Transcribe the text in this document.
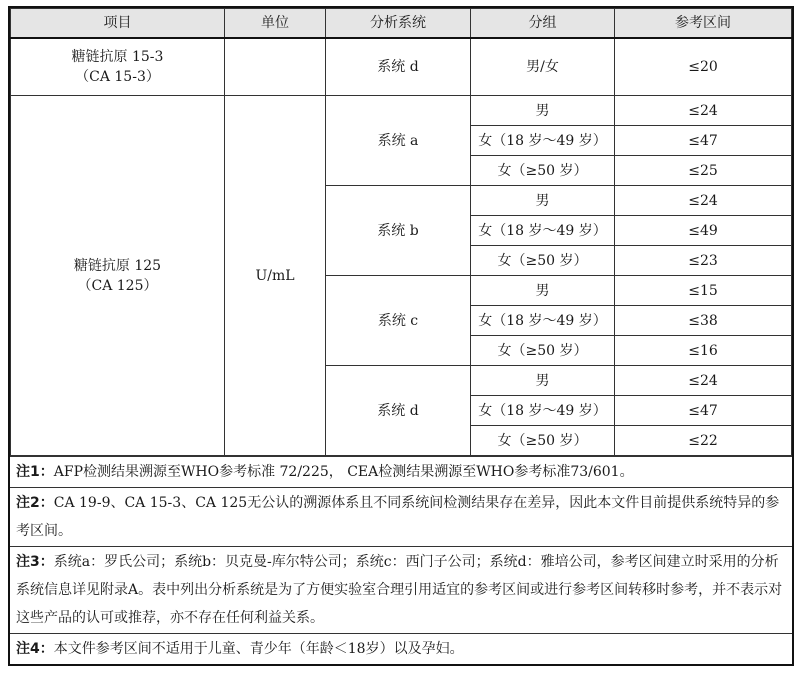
项目	单位	分析系统	分组	参考区间

糖链抗原 15-3
（CA 15-3）		系统 d	男/女	≤20

糖链抗原 125
（CA 125）	U/mL	系统 a	男	≤24
			女（18 岁～49 岁）	≤47
			女（≥50 岁）	≤25
		系统 b	男	≤24
			女（18 岁～49 岁）	≤49
			女（≥50 岁）	≤23
		系统 c	男	≤15
			女（18 岁～49 岁）	≤38
			女（≥50 岁）	≤16
		系统 d	男	≤24
			女（18 岁～49 岁）	≤47
			女（≥50 岁）	≤22
注1：AFP检测结果溯源至WHO参考标准 72/225， CEA检测结果溯源至WHO参考标准73/601。
注2：CA 19-9、CA 15-3、CA 125无公认的溯源体系且不同系统间检测结果存在差异，因此本文件目前提供系统特异的参考区间。
注3：系统a：罗氏公司；系统b：贝克曼-库尔特公司；系统c：西门子公司；系统d：雅培公司，参考区间建立时采用的分析系统信息详见附录A。表中列出分析系统是为了方便实验室合理引用适宜的参考区间或进行参考区间转移时参考，并不表示对这些产品的认可或推荐，亦不存在任何利益关系。
注4：本文件参考区间不适用于儿童、青少年（年龄＜18岁）以及孕妇。
